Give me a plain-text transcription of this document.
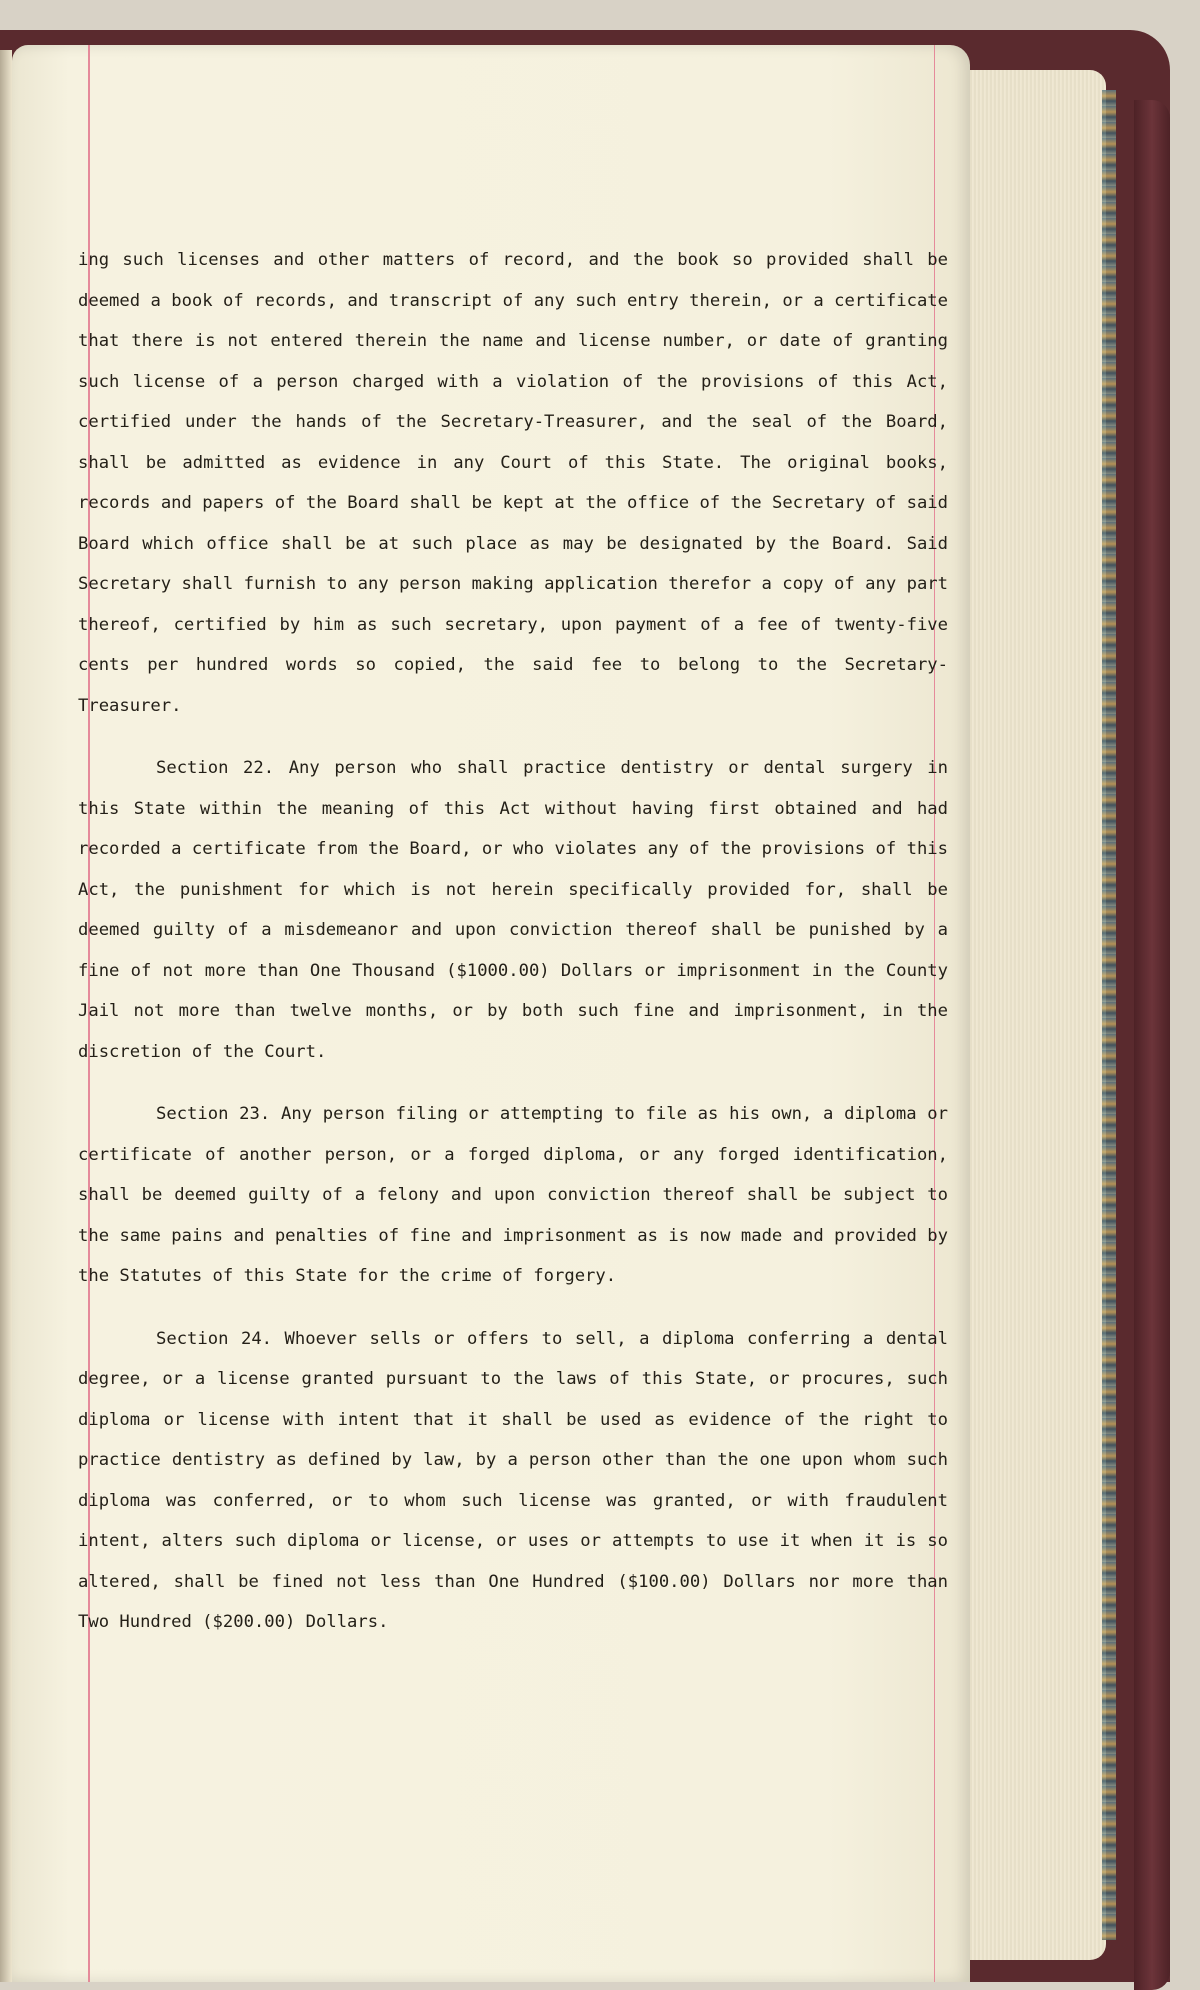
ing such licenses and other matters of record, and the book so provided shall be deemed a book of records, and transcript of any such entry therein, or a certificate that there is not entered therein the name and license number, or date of granting such license of a person charged with a violation of the provisions of this Act, certified under the hands of the Secretary-Treasurer, and the seal of the Board, shall be admitted as evidence in any Court of this State. The original books, records and papers of the Board shall be kept at the office of the Secretary of said Board which office shall be at such place as may be designated by the Board. Said Secretary shall furnish to any person making application therefor a copy of any part thereof, certified by him as such secretary, upon payment of a fee of twenty-five cents per hundred words so copied, the said fee to belong to the Secretary-Treasurer.

Section 22. Any person who shall practice dentistry or dental surgery in this State within the meaning of this Act without having first obtained and had recorded a certificate from the Board, or who violates any of the provisions of this Act, the punishment for which is not herein specifically provided for, shall be deemed guilty of a misdemeanor and upon conviction thereof shall be punished by a fine of not more than One Thousand ($1000.00) Dollars or imprisonment in the County Jail not more than twelve months, or by both such fine and imprisonment, in the discretion of the Court.

Section 23. Any person filing or attempting to file as his own, a diploma or certificate of another person, or a forged diploma, or any forged identification, shall be deemed guilty of a felony and upon conviction thereof shall be subject to the same pains and penalties of fine and imprisonment as is now made and provided by the Statutes of this State for the crime of forgery.

Section 24. Whoever sells or offers to sell, a diploma conferring a dental degree, or a license granted pursuant to the laws of this State, or procures, such diploma or license with intent that it shall be used as evidence of the right to practice dentistry as defined by law, by a person other than the one upon whom such diploma was conferred, or to whom such license was granted, or with fraudulent intent, alters such diploma or license, or uses or attempts to use it when it is so altered, shall be fined not less than One Hundred ($100.00) Dollars nor more than Two Hundred ($200.00) Dollars.
